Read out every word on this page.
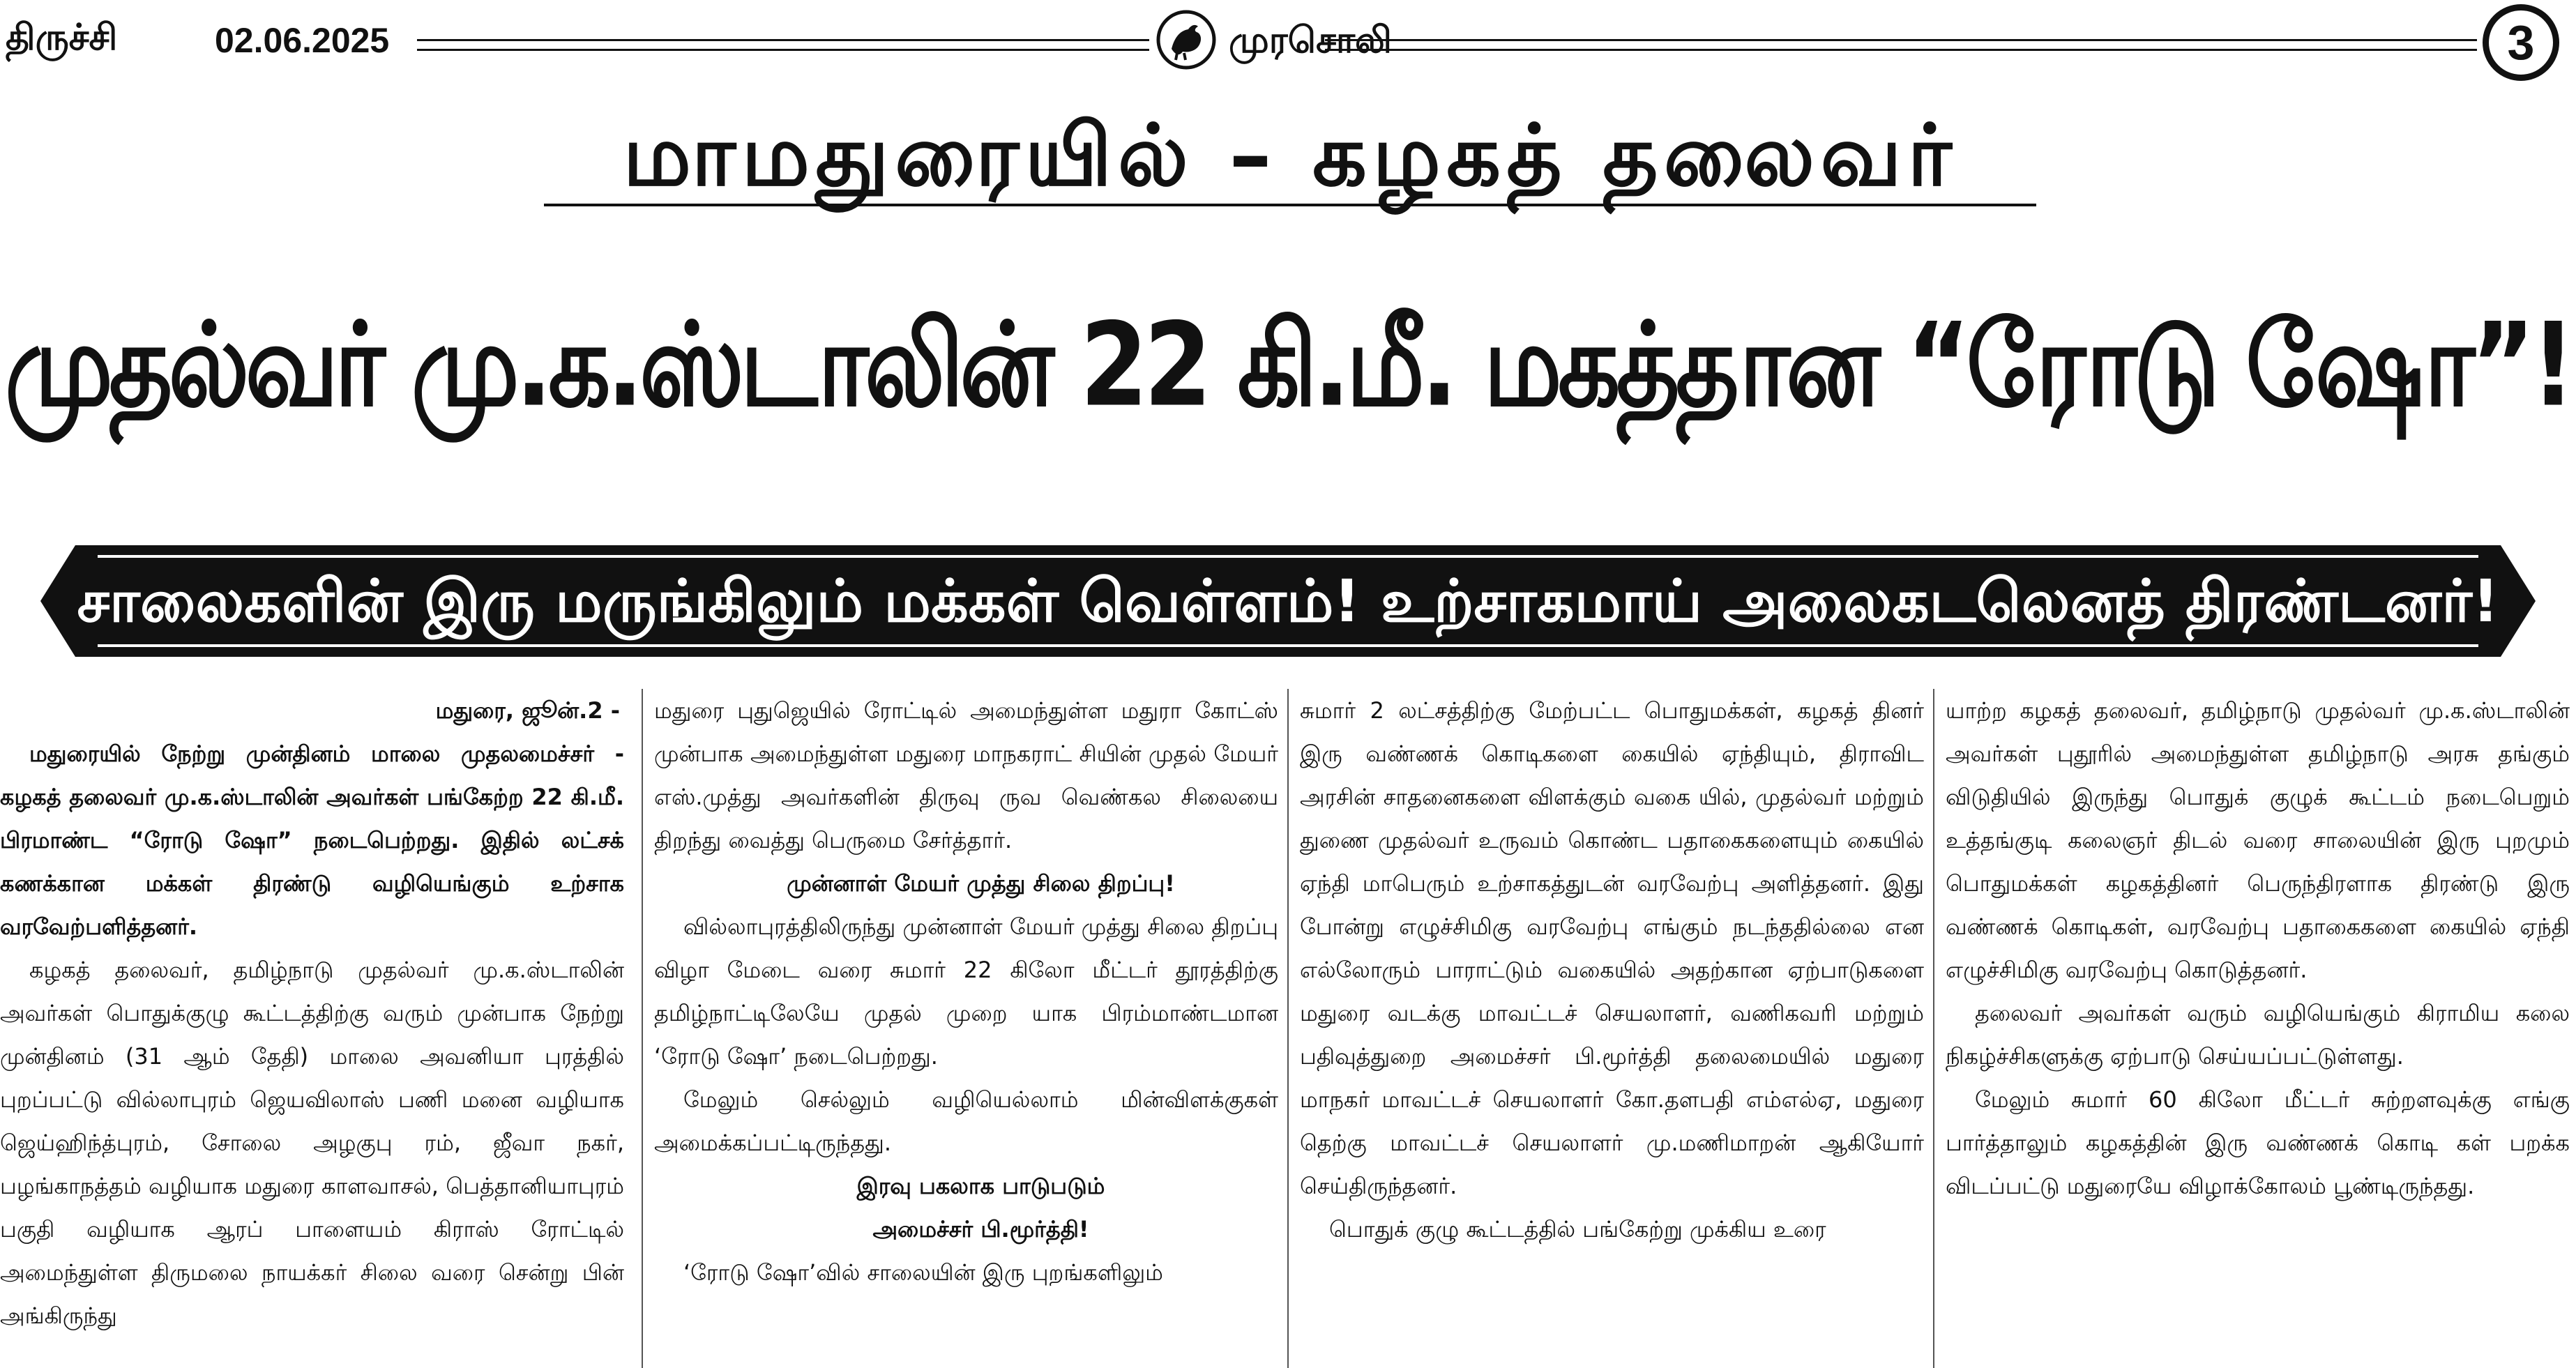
திருச்சி	02.06.2025	முரசொலி	3
மாமதுரையில் – கழகத் தலைவர்
முதல்வர் மு.க.ஸ்டாலின் 22 கி.மீ. மகத்தான “ரோடு ஷோ”!
சாலைகளின் இரு மருங்கிலும் மக்கள் வெள்ளம்! உற்சாகமாய் அலைகடலெனத் திரண்டனர்!

மதுரை, ஜூன்.2 -

மதுரையில் நேற்று முன்தினம் மாலை முதலமைச்சர் - கழகத் தலைவர் மு.க.ஸ்டாலின் அவர்கள் பங்கேற்ற 22 கி.மீ. பிரமாண்ட “ரோடு ஷோ” நடைபெற்றது. இதில் லட்சக் கணக்கான மக்கள் திரண்டு வழியெங்கும் உற்சாக வரவேற்பளித்தனர்.

கழகத் தலைவர், தமிழ்நாடு முதல்வர் மு.க.ஸ்டாலின் அவர்கள் பொதுக்குழு கூட்டத்திற்கு வரும் முன்பாக நேற்று முன்தினம் (31 ஆம் தேதி) மாலை அவனியா புரத்தில் புறப்பட்டு வில்லாபுரம் ஜெயவிலாஸ் பணி மனை வழியாக ஜெய்ஹிந்த்புரம், சோலை அழகுபு ரம், ஜீவா நகர், பழங்காநத்தம் வழியாக மதுரை காளவாசல், பெத்தானியாபுரம் பகுதி வழியாக ஆரப் பாளையம் கிராஸ் ரோட்டில் அமைந்துள்ள திருமலை நாயக்கர் சிலை வரை சென்று பின் அங்கிருந்து

மதுரை புதுஜெயில் ரோட்டில் அமைந்துள்ள மதுரா கோட்ஸ் முன்பாக அமைந்துள்ள மதுரை மாநகராட் சியின் முதல் மேயர் எஸ்.முத்து அவர்களின் திருவு ருவ வெண்கல சிலையை திறந்து வைத்து பெருமை சேர்த்தார்.

முன்னாள் மேயர் முத்து சிலை திறப்பு!

வில்லாபுரத்திலிருந்து முன்னாள் மேயர் முத்து சிலை திறப்பு விழா மேடை வரை சுமார் 22 கிலோ மீட்டர் தூரத்திற்கு தமிழ்நாட்டிலேயே முதல் முறை யாக பிரம்மாண்டமான ‘ரோடு ஷோ’ நடைபெற்றது.

மேலும் செல்லும் வழியெல்லாம் மின்விளக்குகள் அமைக்கப்பட்டிருந்தது.

இரவு பகலாக பாடுபடும்

அமைச்சர் பி.மூர்த்தி!

‘ரோடு ஷோ’வில் சாலையின் இரு புறங்களிலும்

சுமார் 2 லட்சத்திற்கு மேற்பட்ட பொதுமக்கள், கழகத் தினர் இரு வண்ணக் கொடிகளை கையில் ஏந்தியும், திராவிட அரசின் சாதனைகளை விளக்கும் வகை யில், முதல்வர் மற்றும் துணை முதல்வர் உருவம் கொண்ட பதாகைகளையும் கையில் ஏந்தி மாபெரும் உற்சாகத்துடன் வரவேற்பு அளித்தனர். இது போன்று எழுச்சிமிகு வரவேற்பு எங்கும் நடந்ததில்லை என எல்லோரும் பாராட்டும் வகையில் அதற்கான ஏற்பாடுகளை மதுரை வடக்கு மாவட்டச் செயலாளர், வணிகவரி மற்றும் பதிவுத்துறை அமைச்சர் பி.மூர்த்தி தலைமையில் மதுரை மாநகர் மாவட்டச் செயலாளர் கோ.தளபதி எம்எல்ஏ, மதுரை தெற்கு மாவட்டச் செயலாளர் மு.மணிமாறன் ஆகியோர் செய்திருந்தனர்.

பொதுக் குழு கூட்டத்தில் பங்கேற்று முக்கிய உரை

யாற்ற கழகத் தலைவர், தமிழ்நாடு முதல்வர் மு.க.ஸ்டாலின் அவர்கள் புதூரில் அமைந்துள்ள தமிழ்நாடு அரசு தங்கும் விடுதியில் இருந்து பொதுக் குழுக் கூட்டம் நடைபெறும் உத்தங்குடி கலைஞர் திடல் வரை சாலையின் இரு புறமும் பொதுமக்கள் கழகத்தினர் பெருந்திரளாக திரண்டு இரு வண்ணக் கொடிகள், வரவேற்பு பதாகைகளை கையில் ஏந்தி எழுச்சிமிகு வரவேற்பு கொடுத்தனர்.

தலைவர் அவர்கள் வரும் வழியெங்கும் கிராமிய கலை நிகழ்ச்சிகளுக்கு ஏற்பாடு செய்யப்பட்டுள்ளது.

மேலும் சுமார் 60 கிலோ மீட்டர் சுற்றளவுக்கு எங்கு பார்த்தாலும் கழகத்தின் இரு வண்ணக் கொடி கள் பறக்க விடப்பட்டு மதுரையே விழாக்கோலம் பூண்டிருந்தது.
